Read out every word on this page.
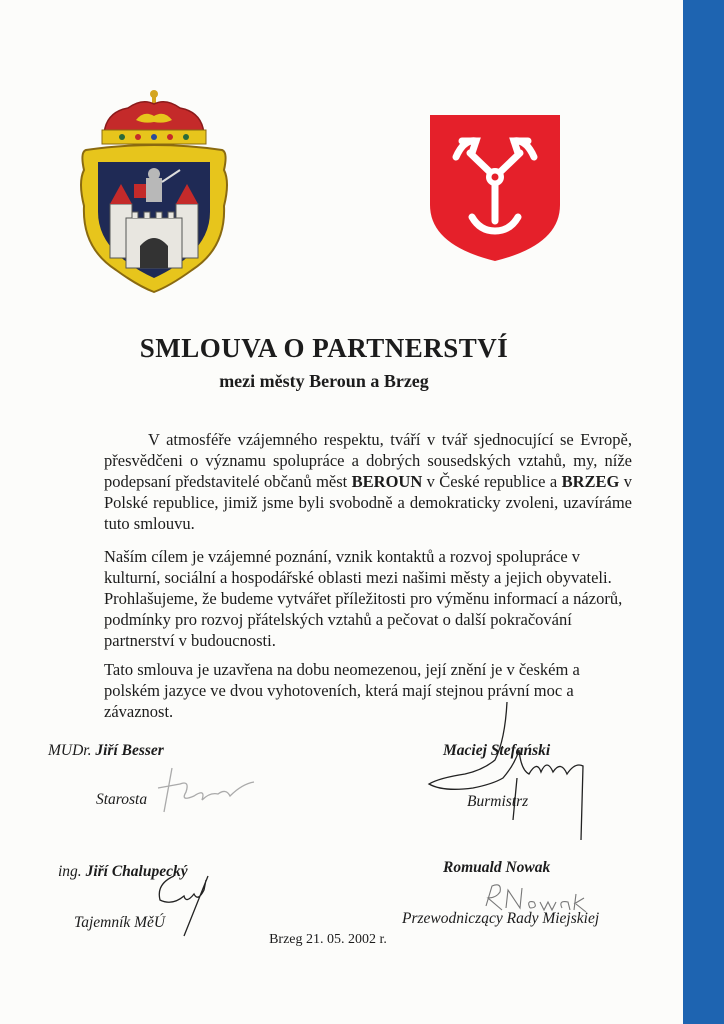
SMLOUVA O PARTNERSTVÍ
mezi městy Beroun a Brzeg

V atmosféře vzájemného respektu, tváří v tvář sjednocující se Evropě, přesvědčeni o významu spolupráce a dobrých sousedských vztahů, my, níže podepsaní představitelé občanů měst BEROUN v České republice a BRZEG v Polské republice, jimiž jsme byli svobodně a demokraticky zvoleni, uzavíráme tuto smlouvu.

Naším cílem je vzájemné poznání, vznik kontaktů a rozvoj spolupráce v kulturní, sociální a hospodářské oblasti mezi našimi městy a jejich obyvateli.
Prohlašujeme, že budeme vytvářet příležitosti pro výměnu informací a názorů, podmínky pro rozvoj přátelských vztahů a pečovat o další pokračování partnerství v budoucnosti.

Tato smlouva je uzavřena na dobu neomezenou, její znění je v českém a polském jazyce ve dvou vyhotoveních, která mají stejnou právní moc a závaznost.

MUDr. Jiří Besser
Starosta
Maciej Stefański
Burmistrz
ing. Jiří Chalupecký
Tajemník MěÚ
Romuald Nowak
Przewodniczący Rady Miejskiej
Brzeg 21. 05. 2002 r.
